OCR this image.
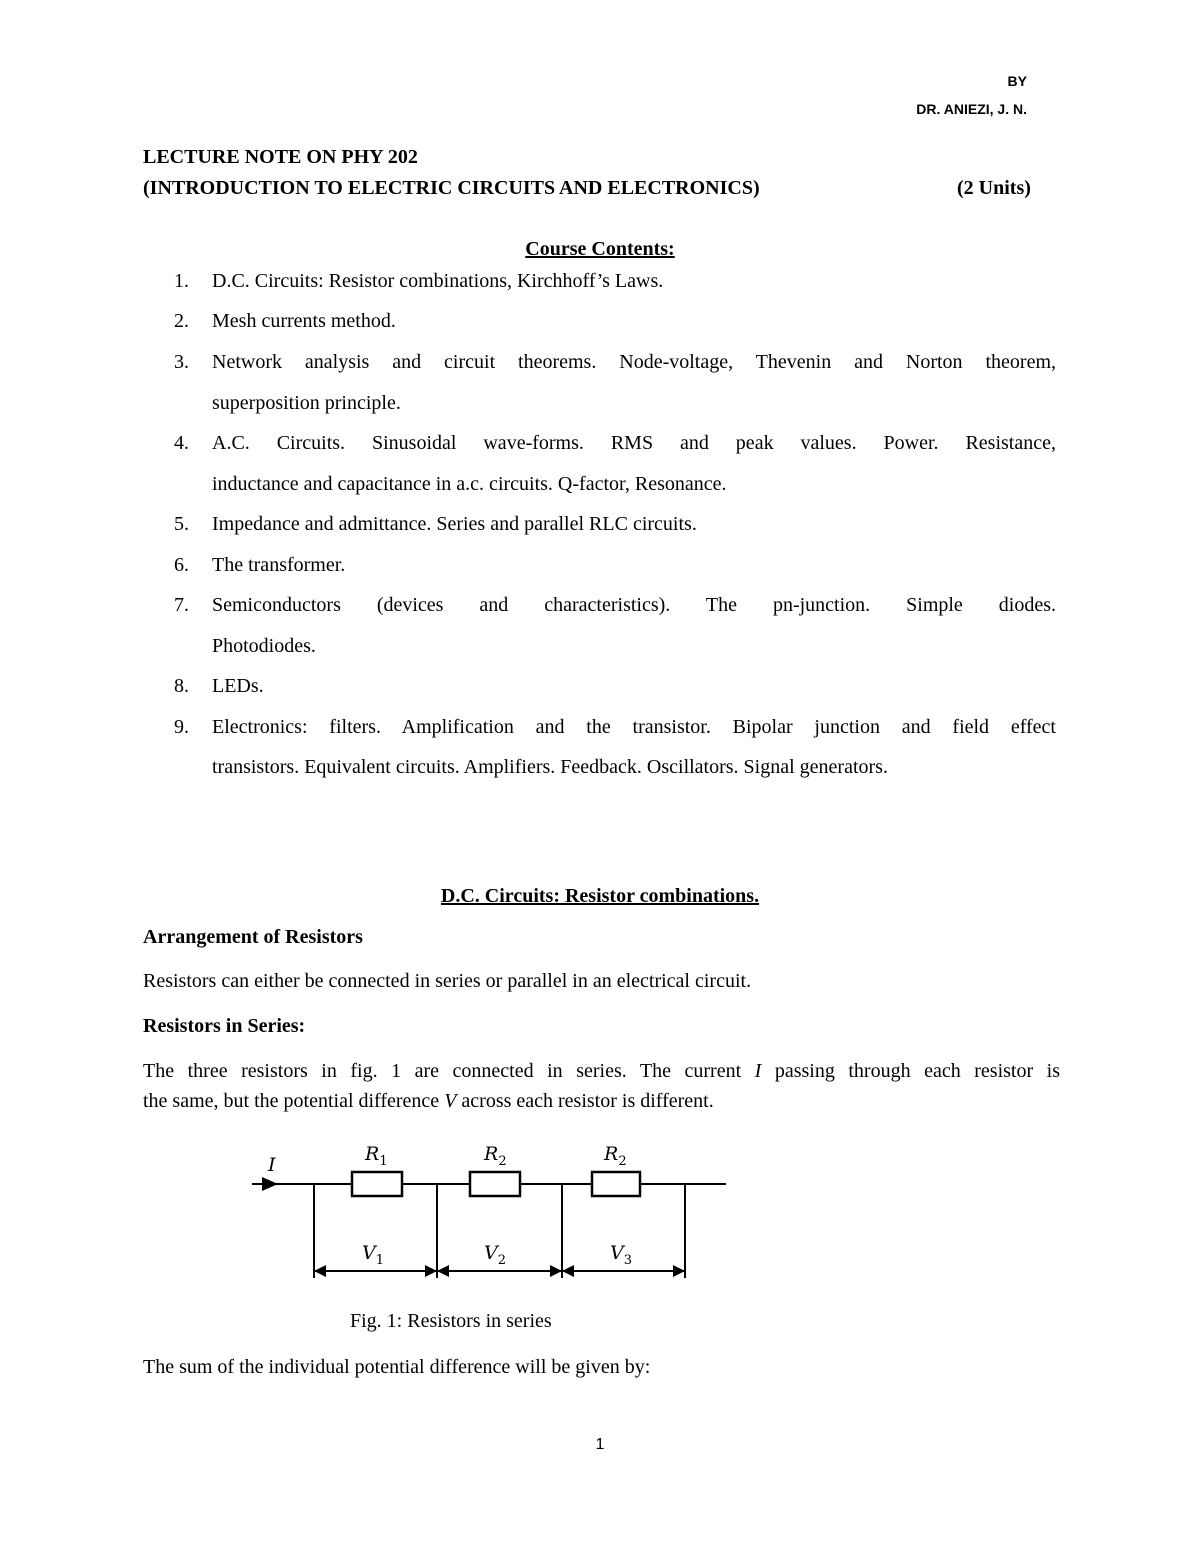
BY
DR. ANIEZI, J. N.
LECTURE NOTE ON PHY 202
(INTRODUCTION TO ELECTRIC CIRCUITS AND ELECTRONICS)	(2 Units)
Course Contents:
1. D.C. Circuits: Resistor combinations, Kirchhoff’s Laws.
2. Mesh currents method.
3. Network analysis and circuit theorems. Node-voltage, Thevenin and Norton theorem,
superposition principle.
4. A.C. Circuits. Sinusoidal wave-forms. RMS and peak values. Power. Resistance,
inductance and capacitance in a.c. circuits. Q-factor, Resonance.
5. Impedance and admittance. Series and parallel RLC circuits.
6. The transformer.
7. Semiconductors (devices and characteristics). The pn-junction. Simple diodes.
Photodiodes.
8. LEDs.
9. Electronics: filters. Amplification and the transistor. Bipolar junction and field effect
transistors. Equivalent circuits. Amplifiers. Feedback. Oscillators. Signal generators.
D.C. Circuits: Resistor combinations.
Arrangement of Resistors
Resistors can either be connected in series or parallel in an electrical circuit.
Resistors in Series:
The three resistors in fig. 1 are connected in series. The current I passing through each resistor is
the same, but the potential difference V across each resistor is different.
I	$R_1$	$R_2$	$R_2$
$V_1$	$V_2$	$V_3$
Fig. 1: Resistors in series
The sum of the individual potential difference will be given by:
1
